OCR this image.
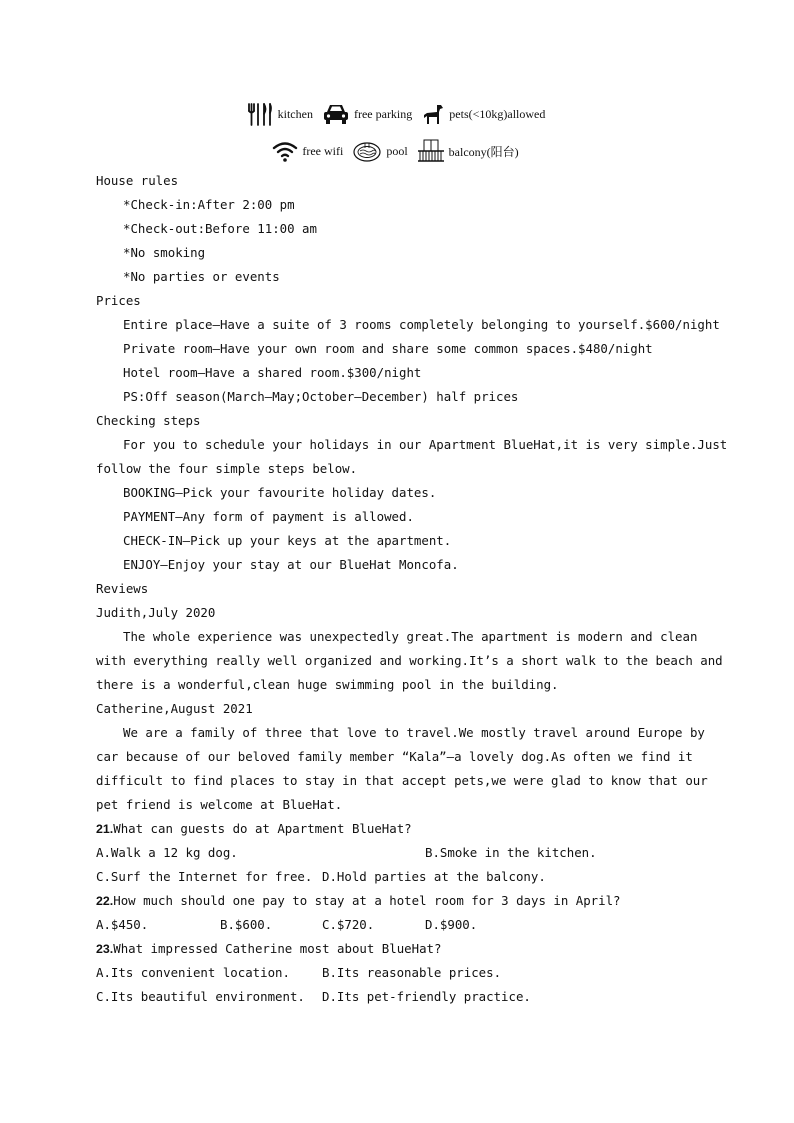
kitchen	free parking	pets(<10kg)allowed
free wifi	pool	balcony(阳台)
House rules
*Check-in:After 2:00 pm
*Check-out:Before 11:00 am
*No smoking
*No parties or events
Prices
Entire place—Have a suite of 3 rooms completely belonging to yourself.$600/night
Private room—Have your own room and share some common spaces.$480/night
Hotel room—Have a shared room.$300/night
PS:Off season(March—May;October—December) half prices
Checking steps
For you to schedule your holidays in our Apartment BlueHat,it is very simple.Just
follow the four simple steps below.
BOOKING—Pick your favourite holiday dates.
PAYMENT—Any form of payment is allowed.
CHECK-IN—Pick up your keys at the apartment.
ENJOY—Enjoy your stay at our BlueHat Moncofa.
Reviews
Judith,July 2020
The whole experience was unexpectedly great.The apartment is modern and clean
with everything really well organized and working.It’s a short walk to the beach and
there is a wonderful,clean huge swimming pool in the building.
Catherine,August 2021
We are a family of three that love to travel.We mostly travel around Europe by
car because of our beloved family member “Kala”—a lovely dog.As often we find it
difficult to find places to stay in that accept pets,we were glad to know that our
pet friend is welcome at BlueHat.
21.What can guests do at Apartment BlueHat?
A.Walk a 12 kg dog.	B.Smoke in the kitchen.
C.Surf the Internet for free. D.Hold parties at the balcony.
22.How much should one pay to stay at a hotel room for 3 days in April?
A.$450.	B.$600.	C.$720.	D.$900.
23.What impressed Catherine most about BlueHat?
A.Its convenient location.	B.Its reasonable prices.
C.Its beautiful environment. D.Its pet-friendly practice.
